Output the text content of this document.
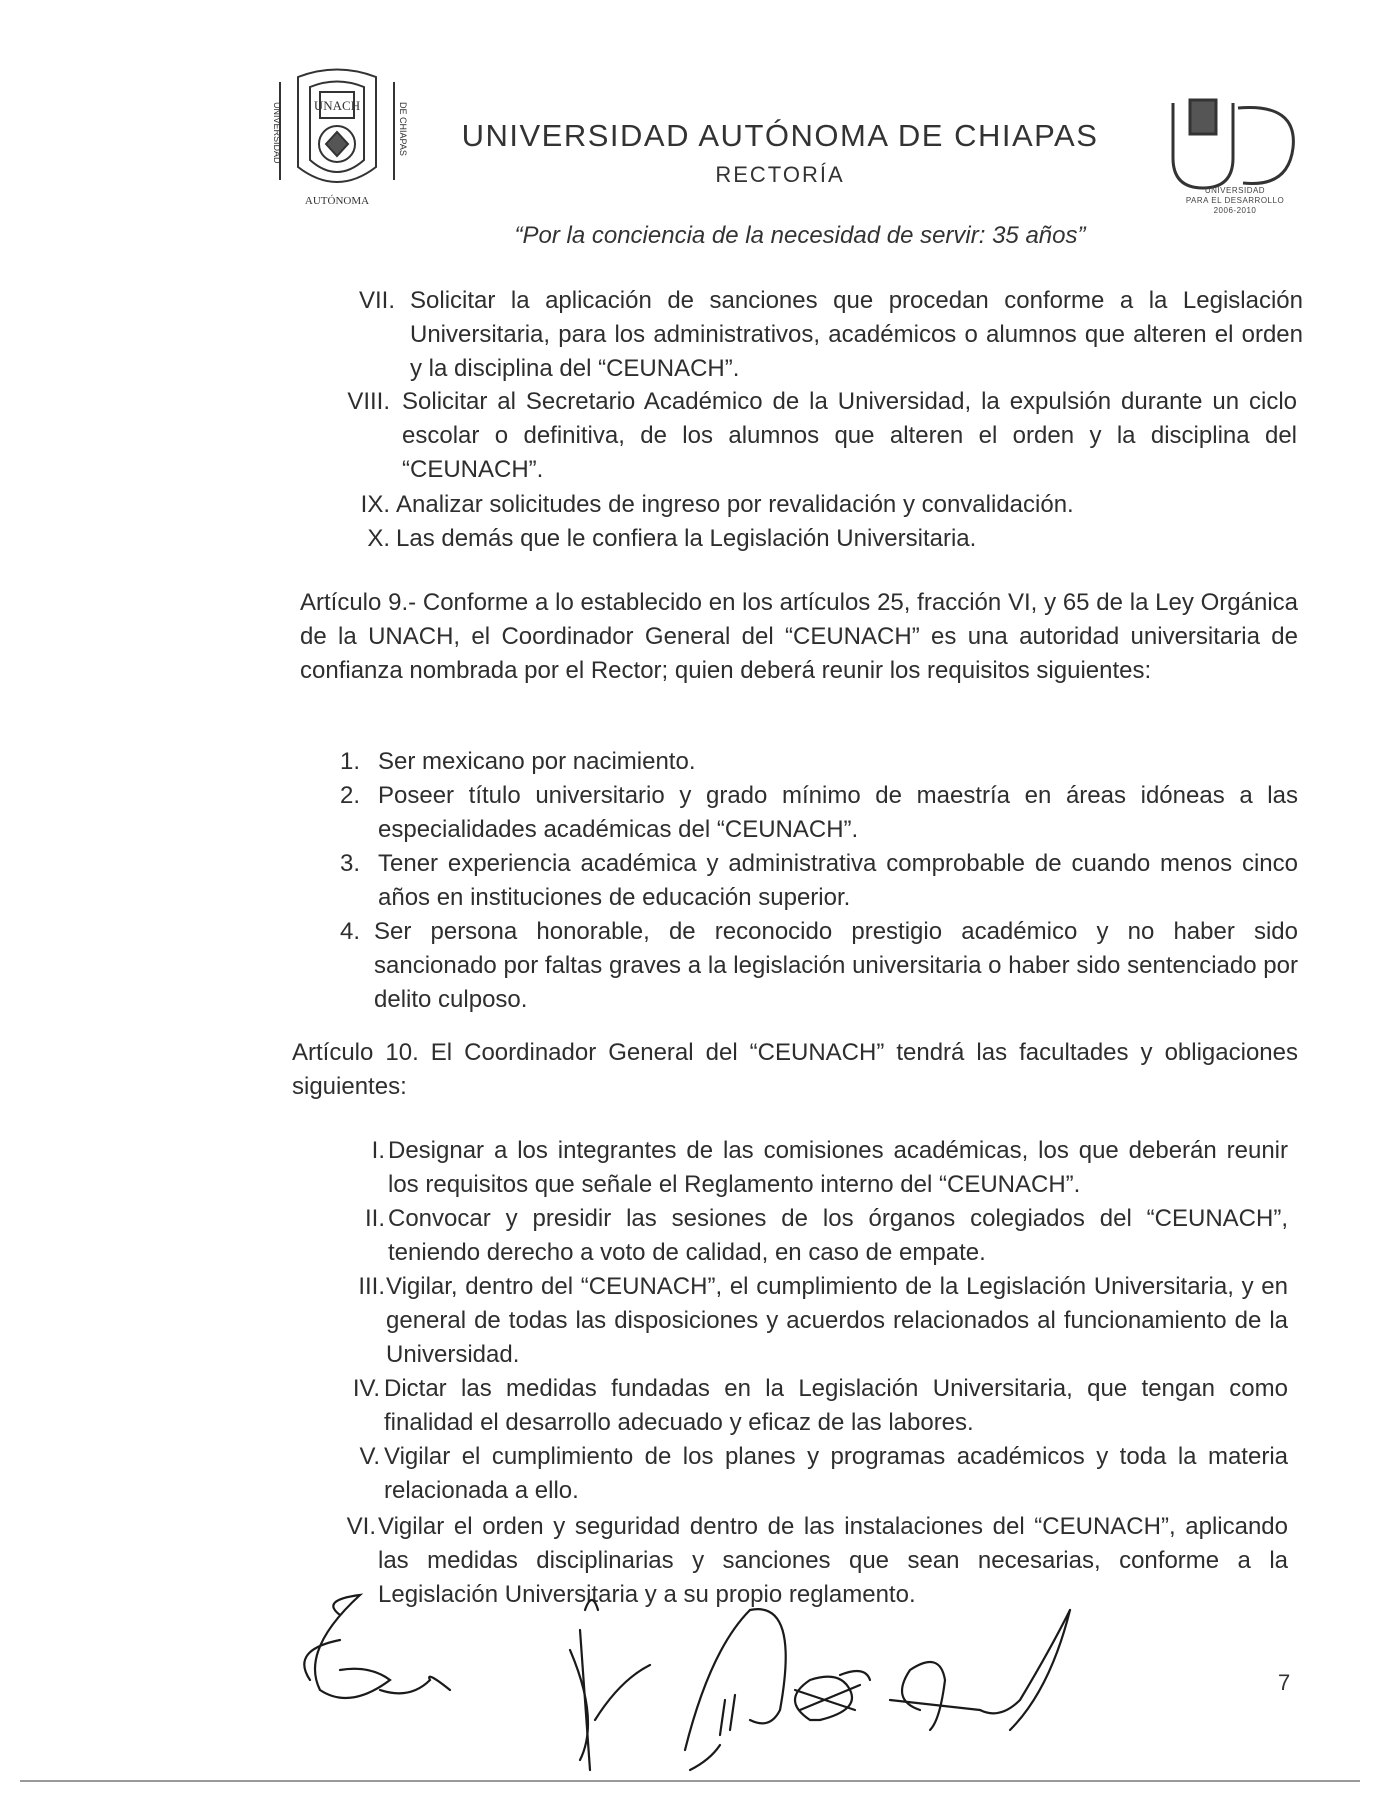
UNACH
AUTÓNOMA
UNIVERSIDAD	DE CHIAPAS	UNIVERSIDAD AUTÓNOMA DE CHIAPAS
RECTORÍA
“Por la conciencia de la necesidad de servir: 35 años”
UNIVERSIDAD
PARA EL DESARROLLO
2006-2010
VII. Solicitar la aplicación de sanciones que procedan conforme a la Legislación Universitaria, para los administrativos, académicos o alumnos que alteren el orden y la disciplina del “CEUNACH”.
VIII. Solicitar al Secretario Académico de la Universidad, la expulsión durante un ciclo escolar o definitiva, de los alumnos que alteren el orden y la disciplina del “CEUNACH”.
IX. Analizar solicitudes de ingreso por revalidación y convalidación.
X. Las demás que le confiera la Legislación Universitaria.
Artículo 9.- Conforme a lo establecido en los artículos 25, fracción VI, y 65 de la Ley Orgánica de la UNACH, el Coordinador General del “CEUNACH” es una autoridad universitaria de confianza nombrada por el Rector; quien deberá reunir los requisitos siguientes:
1. Ser mexicano por nacimiento.
2. Poseer título universitario y grado mínimo de maestría en áreas idóneas a las especialidades académicas del “CEUNACH”.
3. Tener experiencia académica y administrativa comprobable de cuando menos cinco años en instituciones de educación superior.
4. Ser persona honorable, de reconocido prestigio académico y no haber sido sancionado por faltas graves a la legislación universitaria o haber sido sentenciado por delito culposo.
Artículo 10. El Coordinador General del “CEUNACH” tendrá las facultades y obligaciones siguientes:
I. Designar a los integrantes de las comisiones académicas, los que deberán reunir los requisitos que señale el Reglamento interno del “CEUNACH”.
II. Convocar y presidir las sesiones de los órganos colegiados del “CEUNACH”, teniendo derecho a voto de calidad, en caso de empate.
III. Vigilar, dentro del “CEUNACH”, el cumplimiento de la Legislación Universitaria, y en general de todas las disposiciones y acuerdos relacionados al funcionamiento de la Universidad.
IV. Dictar las medidas fundadas en la Legislación Universitaria, que tengan como finalidad el desarrollo adecuado y eficaz de las labores.
V. Vigilar el cumplimiento de los planes y programas académicos y toda la materia relacionada a ello.
VI. Vigilar el orden y seguridad dentro de las instalaciones del “CEUNACH”, aplicando las medidas disciplinarias y sanciones que sean necesarias, conforme a la Legislación Universitaria y a su propio reglamento.
7
